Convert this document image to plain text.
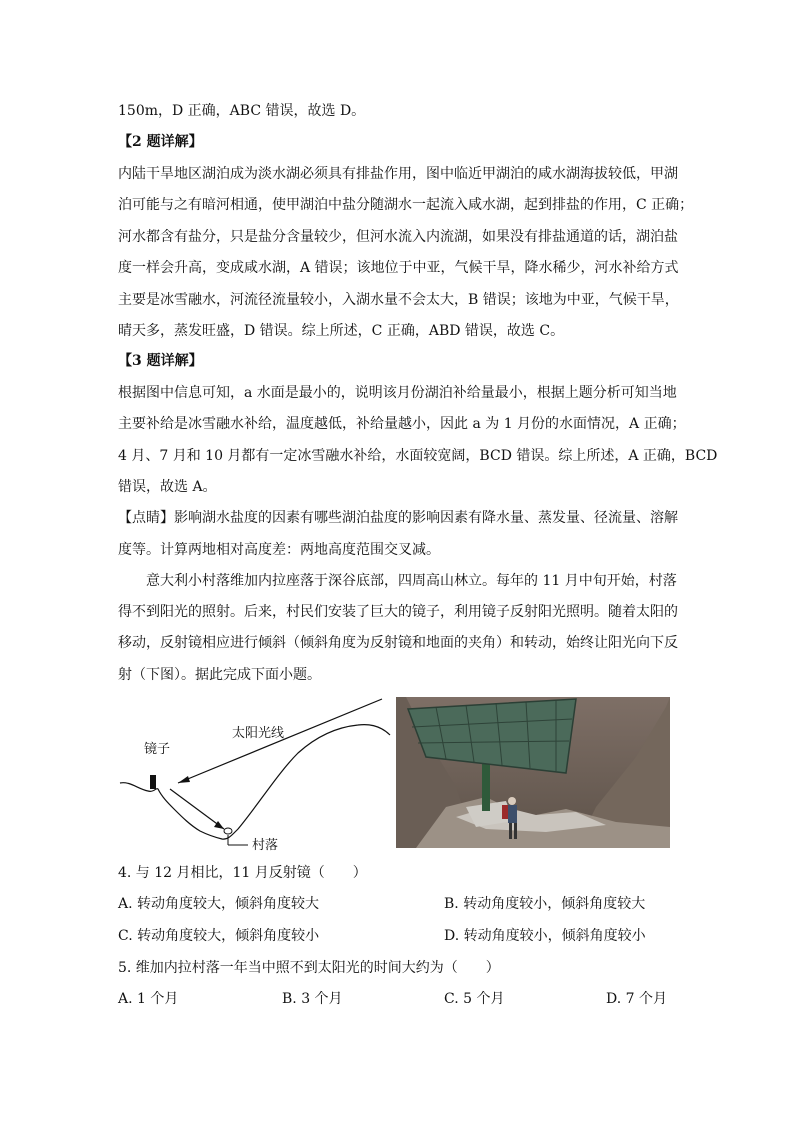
150m，D 正确，ABC 错误，故选 D。
【2 题详解】
内陆干旱地区湖泊成为淡水湖必须具有排盐作用，图中临近甲湖泊的咸水湖海拔较低，甲湖
泊可能与之有暗河相通，使甲湖泊中盐分随湖水一起流入咸水湖，起到排盐的作用，C 正确；
河水都含有盐分，只是盐分含量较少，但河水流入内流湖，如果没有排盐通道的话，湖泊盐
度一样会升高，变成咸水湖，A 错误；该地位于中亚，气候干旱，降水稀少，河水补给方式
主要是冰雪融水，河流径流量较小，入湖水量不会太大，B 错误；该地为中亚，气候干旱，
晴天多，蒸发旺盛，D 错误。综上所述，C 正确，ABD 错误，故选 C。
【3 题详解】
根据图中信息可知，a 水面是最小的，说明该月份湖泊补给量最小，根据上题分析可知当地
主要补给是冰雪融水补给，温度越低，补给量越小，因此 a 为 1 月份的水面情况，A 正确；
4 月、7 月和 10 月都有一定冰雪融水补给，水面较宽阔，BCD 错误。综上所述，A 正确，BCD
错误，故选 A。
【点睛】影响湖水盐度的因素有哪些湖泊盐度的影响因素有降水量、蒸发量、径流量、溶解
度等。计算两地相对高度差：两地高度范围交叉减。
意大利小村落维加内拉座落于深谷底部，四周高山林立。每年的 11 月中旬开始，村落
得不到阳光的照射。后来，村民们安装了巨大的镜子，利用镜子反射阳光照明。随着太阳的
移动，反射镜相应进行倾斜（倾斜角度为反射镜和地面的夹角）和转动，始终让阳光向下反
射（下图）。据此完成下面小题。
太阳光线
镜子
村落
4. 与 12 月相比，11 月反射镜（　　）
A. 转动角度较大，倾斜角度较大	B. 转动角度较小，倾斜角度较大
C. 转动角度较大，倾斜角度较小	D. 转动角度较小，倾斜角度较小
5. 维加内拉村落一年当中照不到太阳光的时间大约为（　　）
A. 1 个月	B. 3 个月	C. 5 个月	D. 7 个月
